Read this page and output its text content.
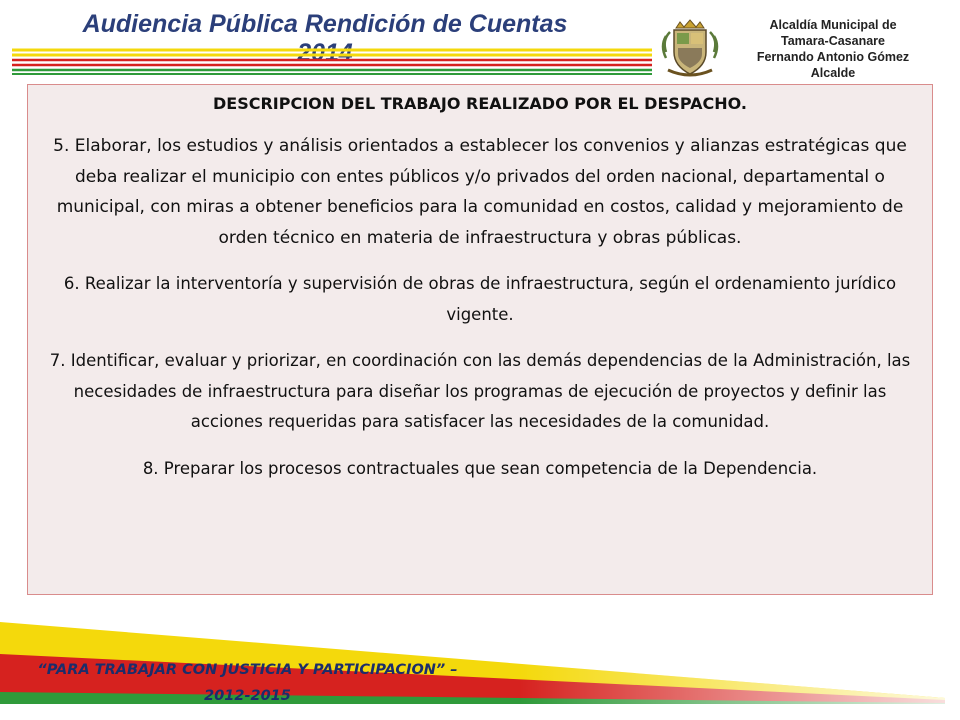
Audiencia Pública Rendición de Cuentas
2014
Alcaldía Municipal de
Tamara-Casanare
Fernando Antonio Gómez
Alcalde
DESCRIPCION DEL TRABAJO REALIZADO POR EL DESPACHO.
5. Elaborar, los estudios y análisis orientados a establecer los convenios y alianzas estratégicas que deba realizar el municipio con entes públicos y/o privados del orden nacional, departamental o municipal, con miras a obtener beneficios para la comunidad en costos, calidad y mejoramiento de orden técnico en materia de infraestructura y obras públicas.
6. Realizar la interventoría y supervisión de obras de infraestructura, según el ordenamiento jurídico vigente.
7. Identificar, evaluar y priorizar, en coordinación con las demás dependencias de la Administración, las necesidades de infraestructura para diseñar los programas de ejecución de proyectos y definir las acciones requeridas para satisfacer las necesidades de la comunidad.
8. Preparar los procesos contractuales que sean competencia de la Dependencia.
“PARA TRABAJAR CON JUSTICIA Y PARTICIPACION” –
2012-2015
